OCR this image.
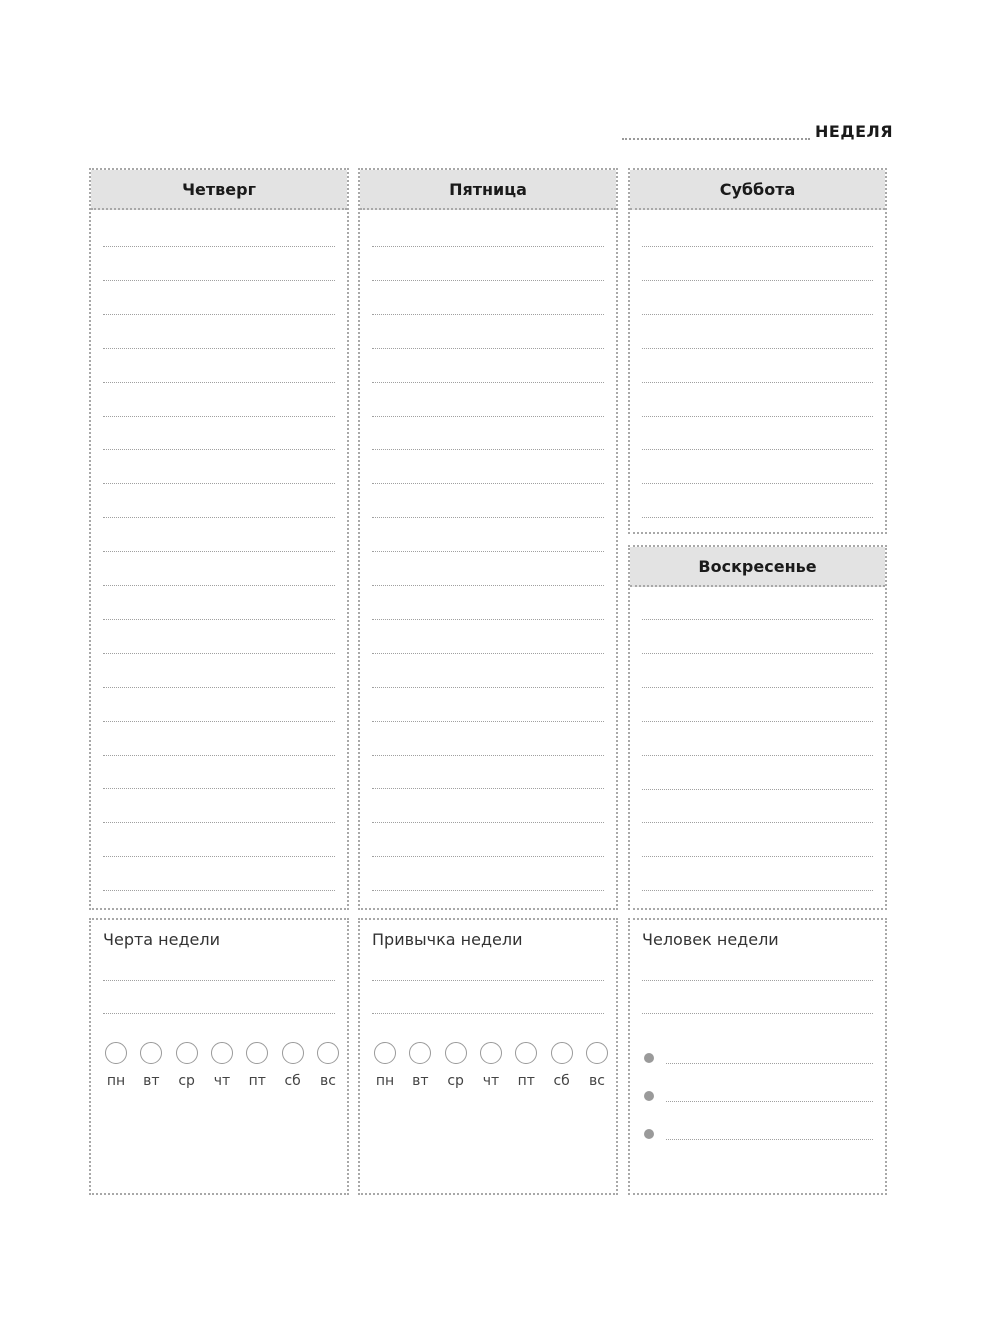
НЕДЕЛЯ
Четверг	Пятница	Суббота
Воскресенье
Черта недели
пн вт ср чт пт сб вс
Привычка недели
пн вт ср чт пт сб вс
Человек недели
